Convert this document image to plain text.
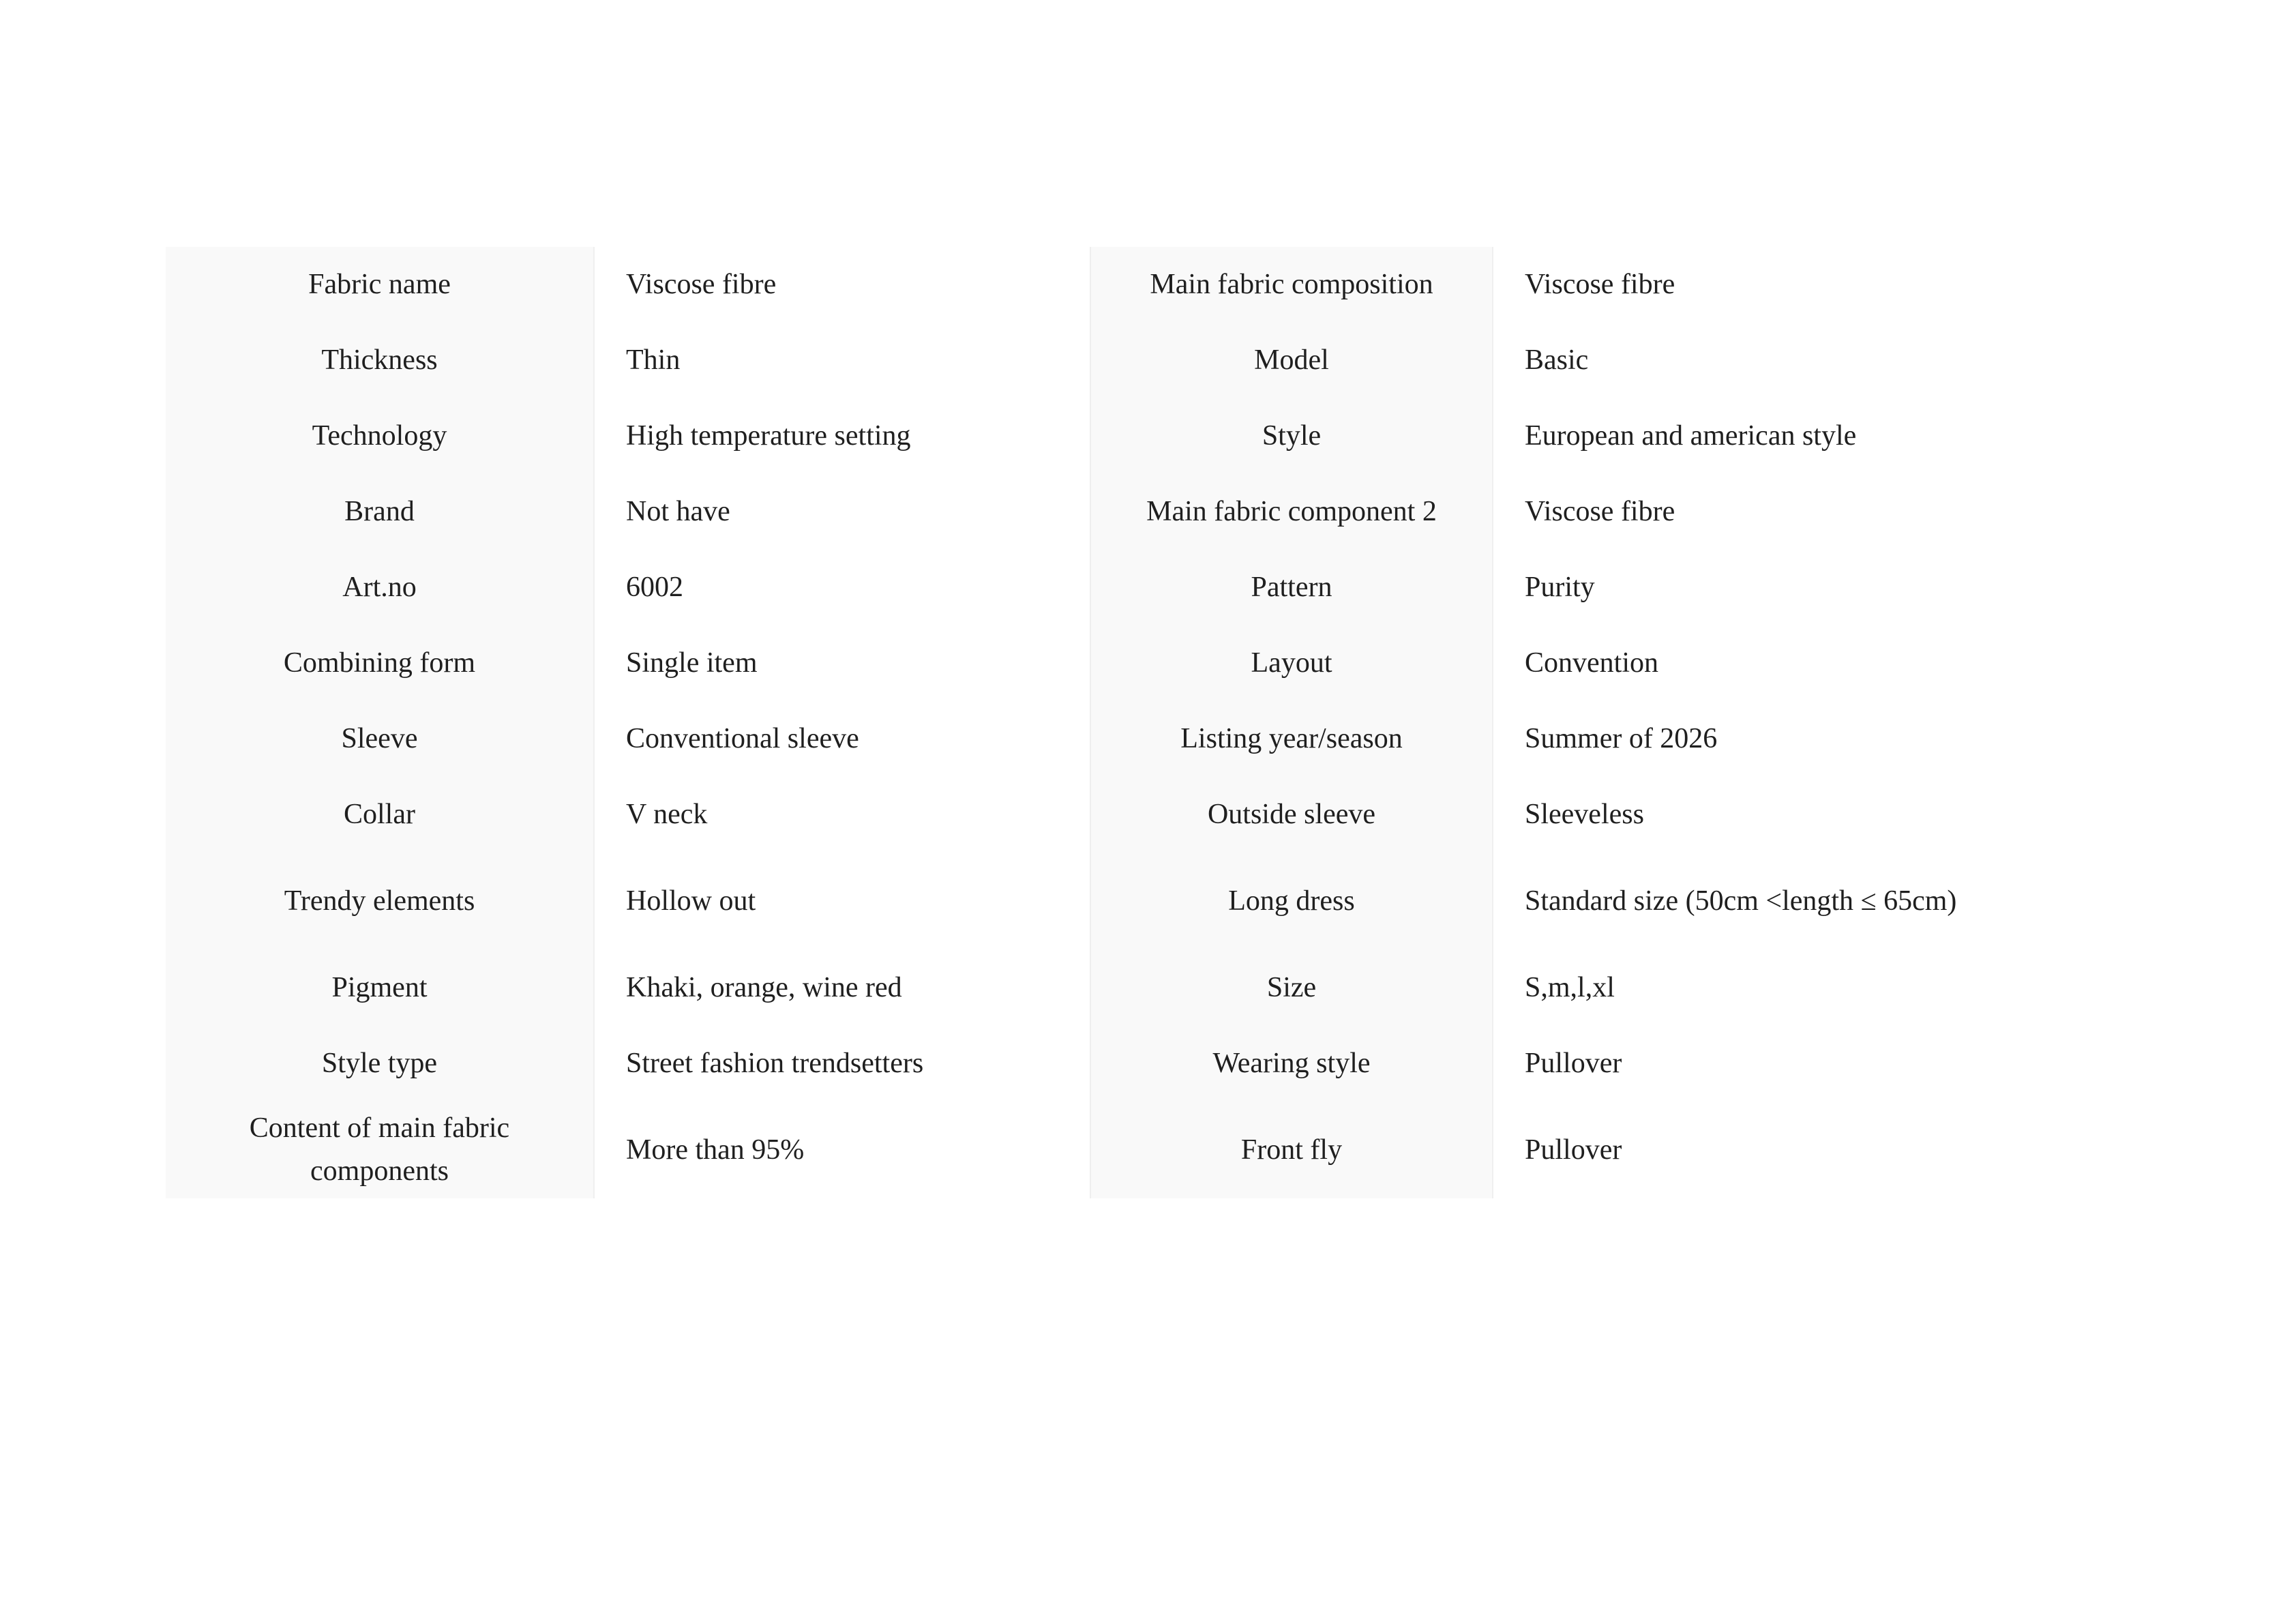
Fabric name	Viscose fibre	Main fabric composition	Viscose fibre
Thickness	Thin	Model	Basic
Technology	High temperature setting	Style	European and american style
Brand	Not have	Main fabric component 2	Viscose fibre
Art.no	6002	Pattern	Purity
Combining form	Single item	Layout	Convention
Sleeve	Conventional sleeve	Listing year/season	Summer of 2026
Collar	V neck	Outside sleeve	Sleeveless
Trendy elements	Hollow out	Long dress	Standard size (50cm <length ≤ 65cm)
Pigment	Khaki, orange, wine red	Size	S,m,l,xl
Style type	Street fashion trendsetters	Wearing style	Pullover
Content of main fabric components	More than 95%	Front fly	Pullover
